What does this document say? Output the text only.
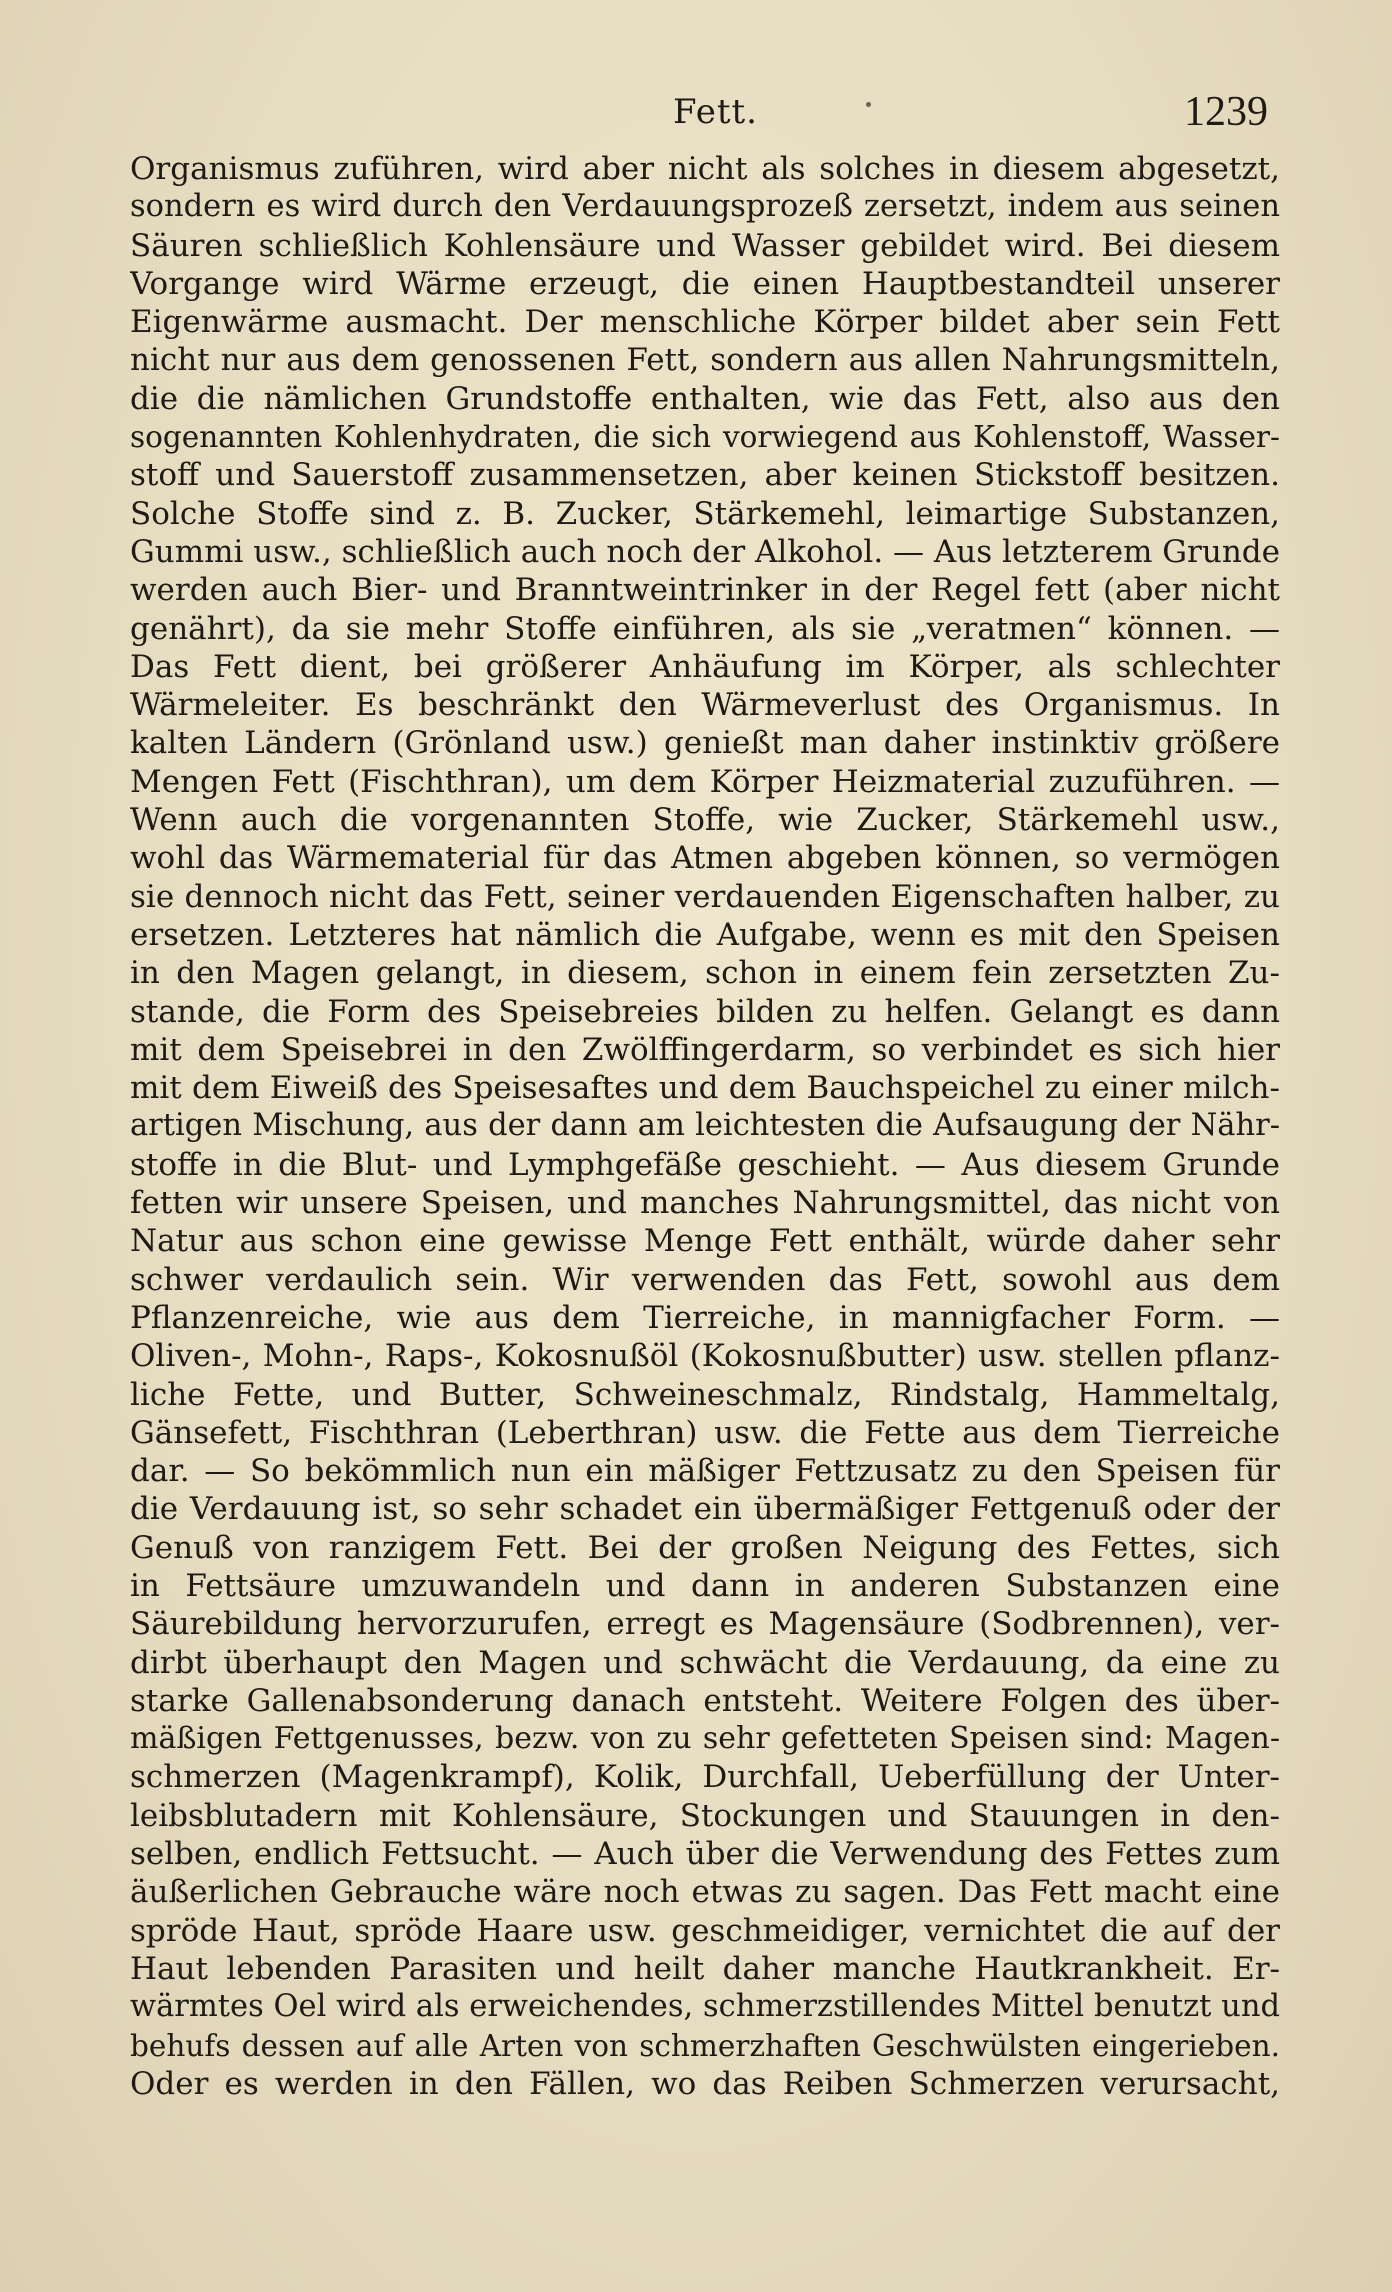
Fett.	1239
Organismus zuführen, wird aber nicht als solches in diesem abgesetzt,
sondern es wird durch den Verdauungsprozeß zersetzt, indem aus seinen
Säuren schließlich Kohlensäure und Wasser gebildet wird. Bei diesem
Vorgange wird Wärme erzeugt, die einen Hauptbestandteil unserer
Eigenwärme ausmacht. Der menschliche Körper bildet aber sein Fett
nicht nur aus dem genossenen Fett, sondern aus allen Nahrungsmitteln,
die die nämlichen Grundstoffe enthalten, wie das Fett, also aus den
sogenannten Kohlenhydraten, die sich vorwiegend aus Kohlenstoff, Wasser-
stoff und Sauerstoff zusammensetzen, aber keinen Stickstoff besitzen.
Solche Stoffe sind z. B. Zucker, Stärkemehl, leimartige Substanzen,
Gummi usw., schließlich auch noch der Alkohol. — Aus letzterem Grunde
werden auch Bier- und Branntweintrinker in der Regel fett (aber nicht
genährt), da sie mehr Stoffe einführen, als sie „veratmen“ können. —
Das Fett dient, bei größerer Anhäufung im Körper, als schlechter
Wärmeleiter. Es beschränkt den Wärmeverlust des Organismus. In
kalten Ländern (Grönland usw.) genießt man daher instinktiv größere
Mengen Fett (Fischthran), um dem Körper Heizmaterial zuzuführen. —
Wenn auch die vorgenannten Stoffe, wie Zucker, Stärkemehl usw.,
wohl das Wärmematerial für das Atmen abgeben können, so vermögen
sie dennoch nicht das Fett, seiner verdauenden Eigenschaften halber, zu
ersetzen. Letzteres hat nämlich die Aufgabe, wenn es mit den Speisen
in den Magen gelangt, in diesem, schon in einem fein zersetzten Zu-
stande, die Form des Speisebreies bilden zu helfen. Gelangt es dann
mit dem Speisebrei in den Zwölffingerdarm, so verbindet es sich hier
mit dem Eiweiß des Speisesaftes und dem Bauchspeichel zu einer milch-
artigen Mischung, aus der dann am leichtesten die Aufsaugung der Nähr-
stoffe in die Blut- und Lymphgefäße geschieht. — Aus diesem Grunde
fetten wir unsere Speisen, und manches Nahrungsmittel, das nicht von
Natur aus schon eine gewisse Menge Fett enthält, würde daher sehr
schwer verdaulich sein. Wir verwenden das Fett, sowohl aus dem
Pflanzenreiche, wie aus dem Tierreiche, in mannigfacher Form. —
Oliven-, Mohn-, Raps-, Kokosnußöl (Kokosnußbutter) usw. stellen pflanz-
liche Fette, und Butter, Schweineschmalz, Rindstalg, Hammeltalg,
Gänsefett, Fischthran (Leberthran) usw. die Fette aus dem Tierreiche
dar. — So bekömmlich nun ein mäßiger Fettzusatz zu den Speisen für
die Verdauung ist, so sehr schadet ein übermäßiger Fettgenuß oder der
Genuß von ranzigem Fett. Bei der großen Neigung des Fettes, sich
in Fettsäure umzuwandeln und dann in anderen Substanzen eine
Säurebildung hervorzurufen, erregt es Magensäure (Sodbrennen), ver-
dirbt überhaupt den Magen und schwächt die Verdauung, da eine zu
starke Gallenabsonderung danach entsteht. Weitere Folgen des über-
mäßigen Fettgenusses, bezw. von zu sehr gefetteten Speisen sind: Magen-
schmerzen (Magenkrampf), Kolik, Durchfall, Ueberfüllung der Unter-
leibsblutadern mit Kohlensäure, Stockungen und Stauungen in den-
selben, endlich Fettsucht. — Auch über die Verwendung des Fettes zum
äußerlichen Gebrauche wäre noch etwas zu sagen. Das Fett macht eine
spröde Haut, spröde Haare usw. geschmeidiger, vernichtet die auf der
Haut lebenden Parasiten und heilt daher manche Hautkrankheit. Er-
wärmtes Oel wird als erweichendes, schmerzstillendes Mittel benutzt und
behufs dessen auf alle Arten von schmerzhaften Geschwülsten eingerieben.
Oder es werden in den Fällen, wo das Reiben Schmerzen verursacht,
